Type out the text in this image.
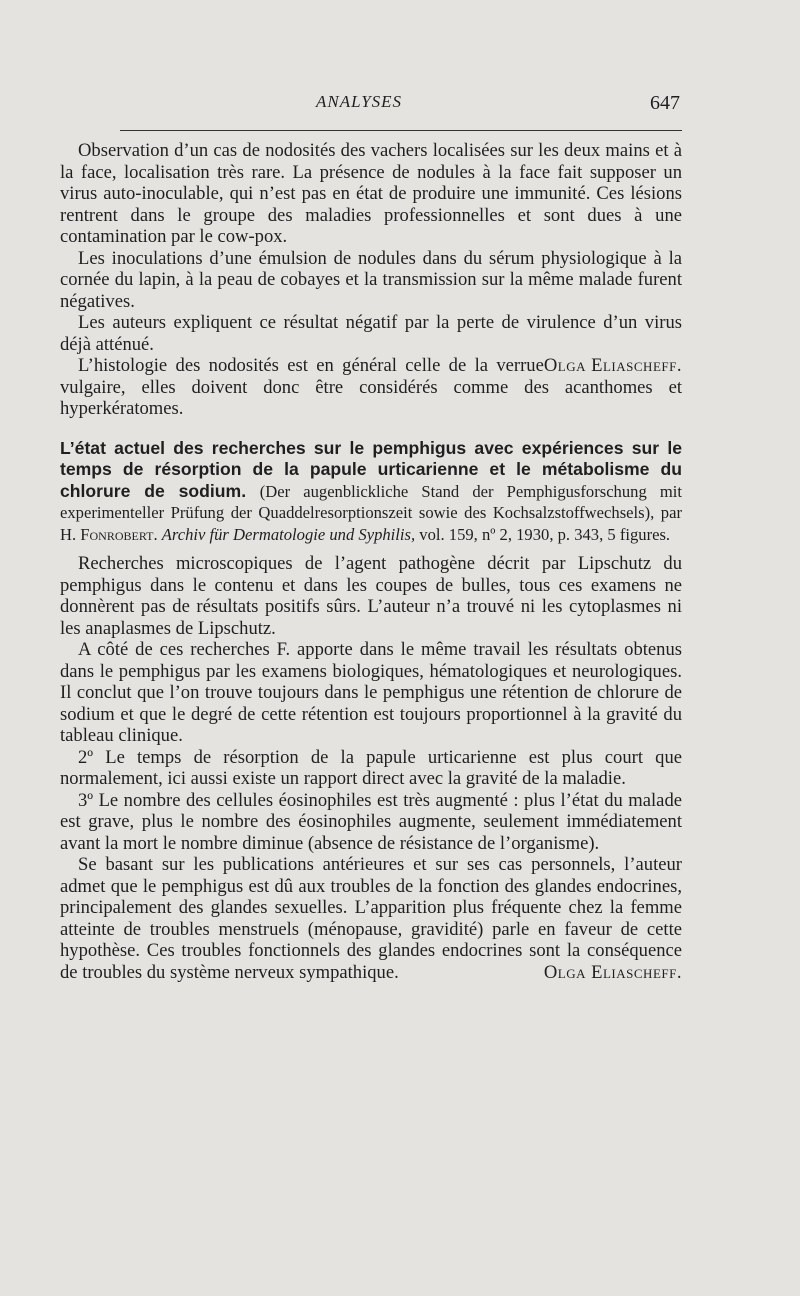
ANALYSES	647

Observation d’un cas de nodosités des vachers localisées sur les deux mains et à la face, localisation très rare. La présence de nodules à la face fait supposer un virus auto-inoculable, qui n’est pas en état de produire une immunité. Ces lésions rentrent dans le groupe des maladies professionnelles et sont dues à une contamination par le cow-pox.

Les inoculations d’une émulsion de nodules dans du sérum physiologique à la cornée du lapin, à la peau de cobayes et la transmission sur la même malade furent négatives.

Les auteurs expliquent ce résultat négatif par la perte de virulence d’un virus déjà atténué.

Olga Eliascheff.
L’histologie des nodosités est en général celle de la verrue vulgaire, elles doivent donc être considérés comme des acanthomes et hyperkératomes.

L’état actuel des recherches sur le pemphigus avec expériences sur le temps de résorption de la papule urticarienne et le métabolisme du chlorure de sodium. (Der augenblickliche Stand der Pemphigusforschung mit experimenteller Prüfung der Quaddelresorptionszeit sowie des Kochsalzstoffwechsels), par H. Fonrobert. Archiv für Dermatologie und Syphilis, vol. 159, nº 2, 1930, p. 343, 5 figures.

Recherches microscopiques de l’agent pathogène décrit par Lipschutz du pemphigus dans le contenu et dans les coupes de bulles, tous ces examens ne donnèrent pas de résultats positifs sûrs. L’auteur n’a trouvé ni les cytoplasmes ni les anaplasmes de Lipschutz.

A côté de ces recherches F. apporte dans le même travail les résultats obtenus dans le pemphigus par les examens biologiques, hématologiques et neurologiques. Il conclut que l’on trouve toujours dans le pemphigus une rétention de chlorure de sodium et que le degré de cette rétention est toujours proportionnel à la gravité du tableau clinique.

2º Le temps de résorption de la papule urticarienne est plus court que normalement, ici aussi existe un rapport direct avec la gravité de la maladie.

3º Le nombre des cellules éosinophiles est très augmenté : plus l’état du malade est grave, plus le nombre des éosinophiles augmente, seulement immédiatement avant la mort le nombre diminue (absence de résistance de l’organisme).

Se basant sur les publications antérieures et sur ses cas personnels, l’auteur admet que le pemphigus est dû aux troubles de la fonction des glandes endocrines, principalement des glandes sexuelles. L’apparition plus fréquente chez la femme atteinte de troubles menstruels (ménopause, gravidité) parle en faveur de cette hypothèse. Ces troubles fonctionnels des glandes endocrines sont la conséquence de troubles du système nerveux sympathique.	Olga Eliascheff.
